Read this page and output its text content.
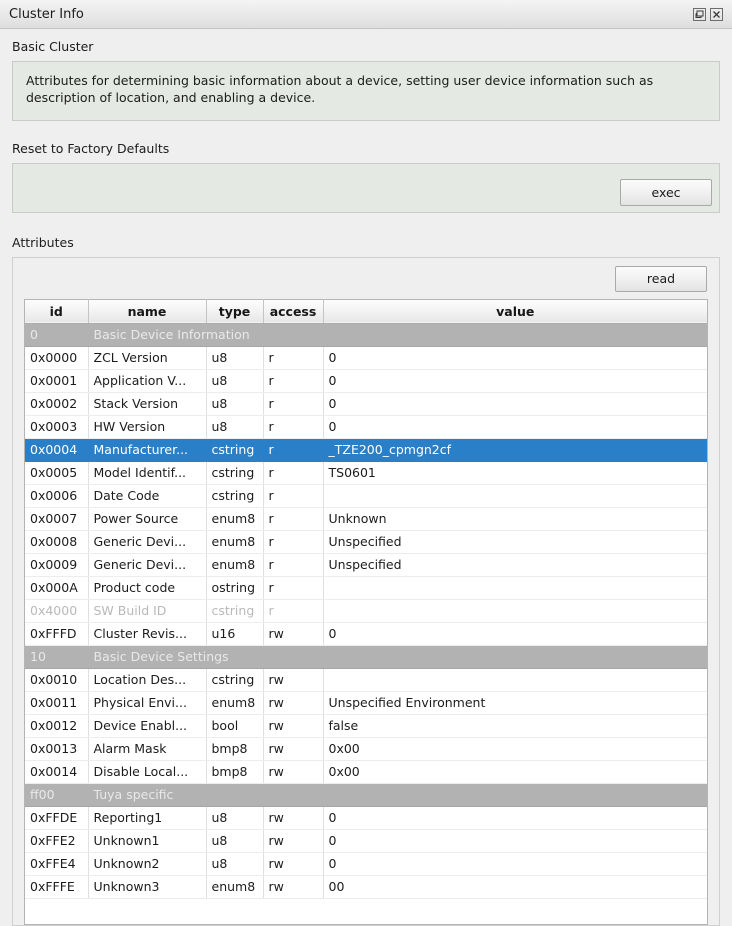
Cluster Info
Basic Cluster
Attributes for determining basic information about a device, setting user device information such as description of location, and enabling a device.
Reset to Factory Defaults
exec
Attributes
read
id	name	type	access	value
0	Basic Device Information			
0x0000	ZCL Version	u8	r	0
0x0001	Application V...	u8	r	0
0x0002	Stack Version	u8	r	0
0x0003	HW Version	u8	r	0
0x0004	Manufacturer...	cstring	r	_TZE200_cpmgn2cf
0x0005	Model Identif...	cstring	r	TS0601
0x0006	Date Code	cstring	r	
0x0007	Power Source	enum8	r	Unknown
0x0008	Generic Devi...	enum8	r	Unspecified
0x0009	Generic Devi...	enum8	r	Unspecified
0x000A	Product code	ostring	r	
0x4000	SW Build ID	cstring	r	
0xFFFD	Cluster Revis...	u16	rw	0
10	Basic Device Settings			
0x0010	Location Des...	cstring	rw	
0x0011	Physical Envi...	enum8	rw	Unspecified Environment
0x0012	Device Enabl...	bool	rw	false
0x0013	Alarm Mask	bmp8	rw	0x00
0x0014	Disable Local...	bmp8	rw	0x00
ff00	Tuya specific			
0xFFDE	Reporting1	u8	rw	0
0xFFE2	Unknown1	u8	rw	0
0xFFE4	Unknown2	u8	rw	0
0xFFFE	Unknown3	enum8	rw	00
